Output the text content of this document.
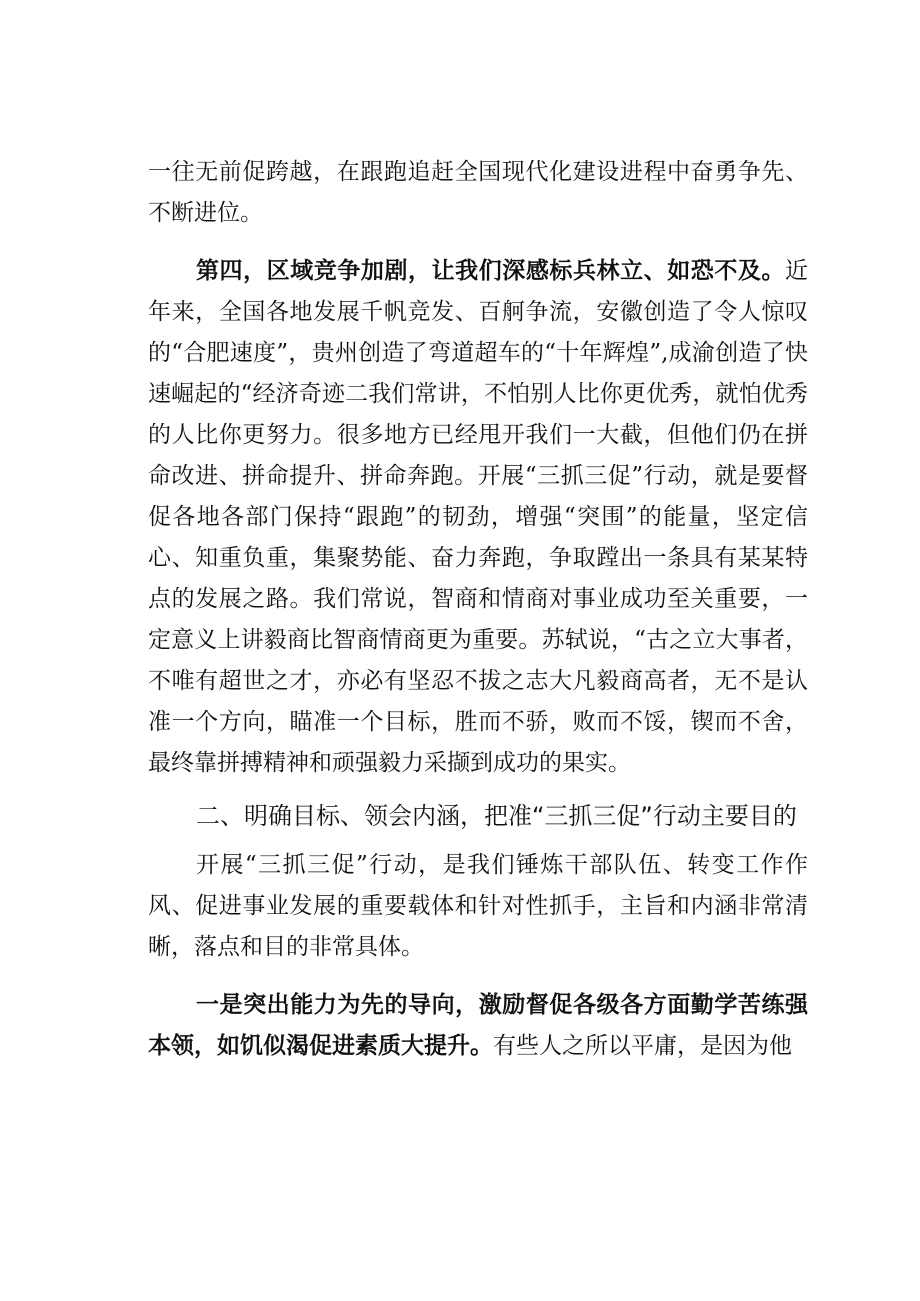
一往无前促跨越，在跟跑追赶全国现代化建设进程中奋勇争先、不断进位。

第四，区域竞争加剧，让我们深感标兵林立、如恐不及。近年来，全国各地发展千帆竞发、百舸争流，安徽创造了令人惊叹的“合肥速度”，贵州创造了弯道超车的“十年辉煌”,成渝创造了快速崛起的“经济奇迹二我们常讲，不怕别人比你更优秀，就怕优秀的人比你更努力。很多地方已经甩开我们一大截，但他们仍在拼命改进、拼命提升、拼命奔跑。开展“三抓三促”行动，就是要督促各地各部门保持“跟跑”的韧劲，增强“突围”的能量，坚定信心、知重负重，集聚势能、奋力奔跑，争取蹚出一条具有某某特点的发展之路。我们常说，智商和情商对事业成功至关重要，一定意义上讲毅商比智商情商更为重要。苏轼说，“古之立大事者，不唯有超世之才，亦必有坚忍不拔之志大凡毅商高者，无不是认准一个方向，瞄准一个目标，胜而不骄，败而不馁，锲而不舍，最终靠拼搏精神和顽强毅力采撷到成功的果实。

二、明确目标、领会内涵，把准“三抓三促”行动主要目的

开展“三抓三促”行动，是我们锤炼干部队伍、转变工作作风、促进事业发展的重要载体和针对性抓手，主旨和内涵非常清晰，落点和目的非常具体。

一是突出能力为先的导向，激励督促各级各方面勤学苦练强本领，如饥似渴促进素质大提升。有些人之所以平庸，是因为他
